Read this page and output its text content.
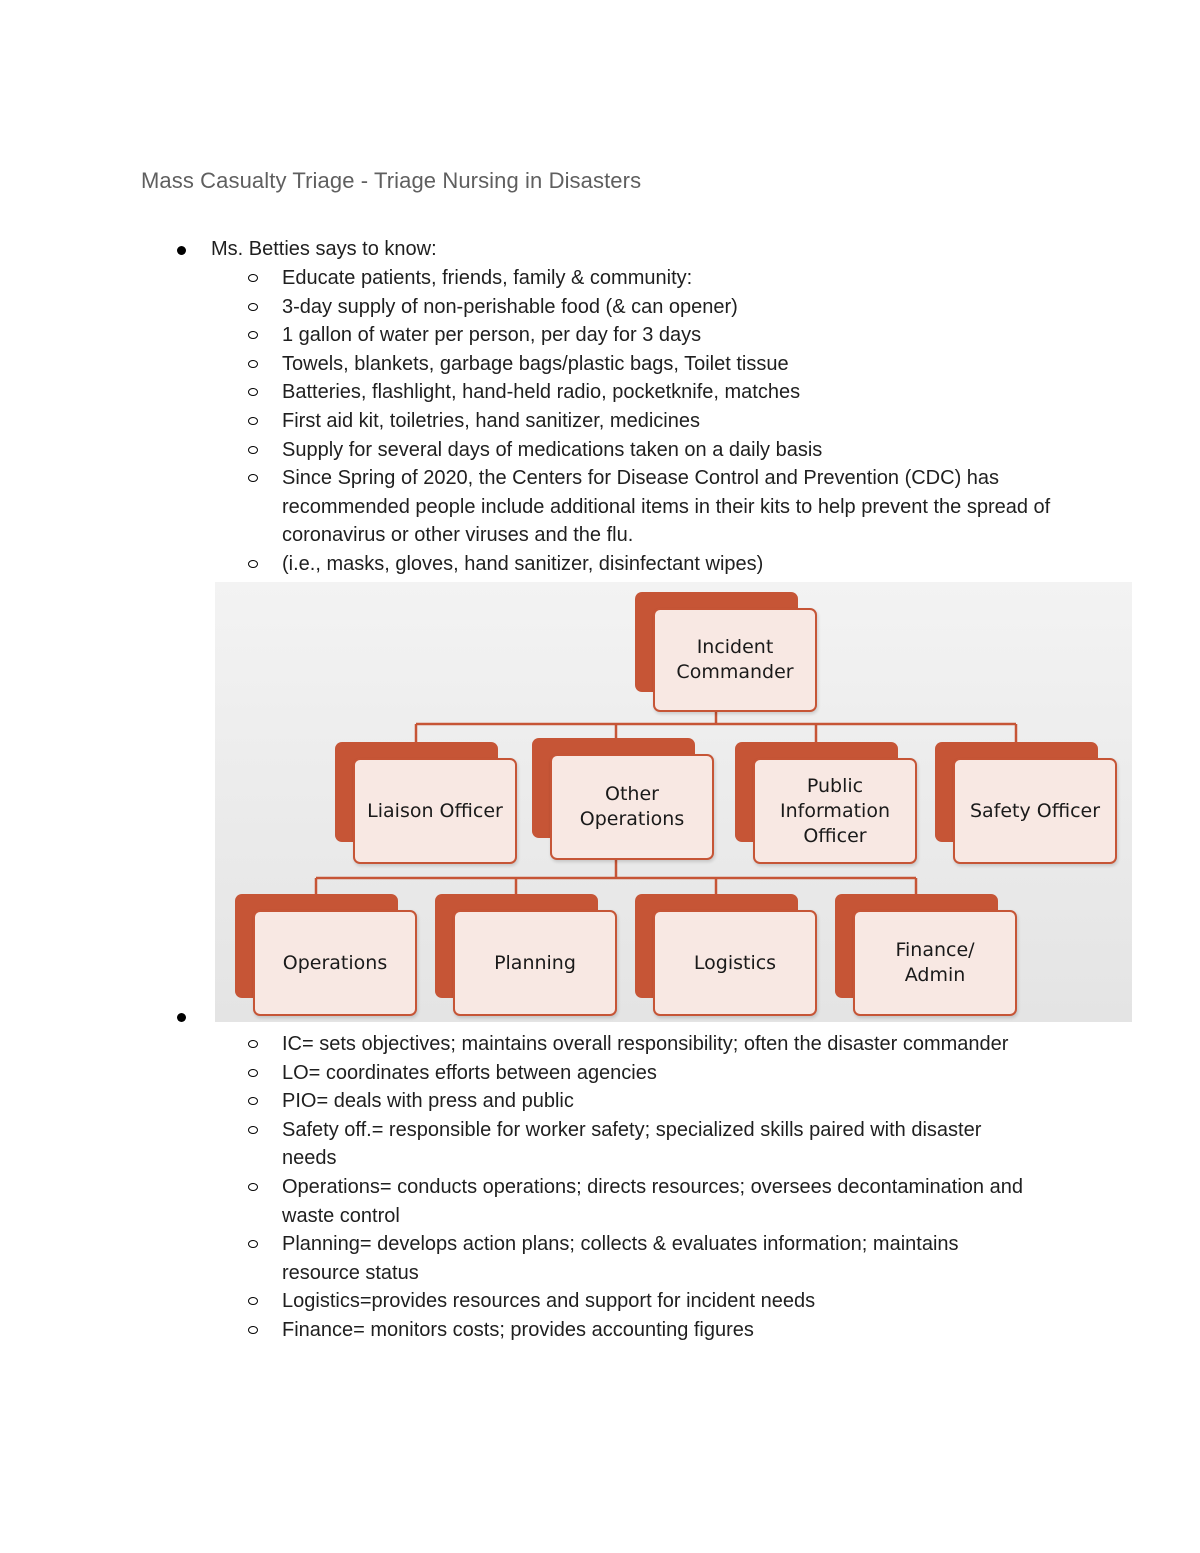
Mass Casualty Triage - Triage Nursing in Disasters
Ms. Betties says to know:
Educate patients, friends, family & community:
3-day supply of non-perishable food (& can opener)
1 gallon of water per person, per day for 3 days
Towels, blankets, garbage bags/plastic bags, Toilet tissue
Batteries, flashlight, hand-held radio, pocketknife, matches
First aid kit, toiletries, hand sanitizer, medicines
Supply for several days of medications taken on a daily basis
Since Spring of 2020, the Centers for Disease Control and Prevention (CDC) has recommended people include additional items in their kits to help prevent the spread of coronavirus or other viruses and the flu.
(i.e., masks, gloves, hand sanitizer, disinfectant wipes)
Incident
Commander
Liaison Officer
Other
Operations
Public
Information
Officer
Safety Officer
Operations	Planning	Logistics
Finance/
Admin
IC= sets objectives; maintains overall responsibility; often the disaster commander
LO= coordinates efforts between agencies
PIO= deals with press and public
Safety off.= responsible for worker safety; specialized skills paired with disaster needs
Operations= conducts operations; directs resources; oversees decontamination and waste control
Planning= develops action plans; collects & evaluates information; maintains resource status
Logistics=provides resources and support for incident needs
Finance= monitors costs; provides accounting figures
